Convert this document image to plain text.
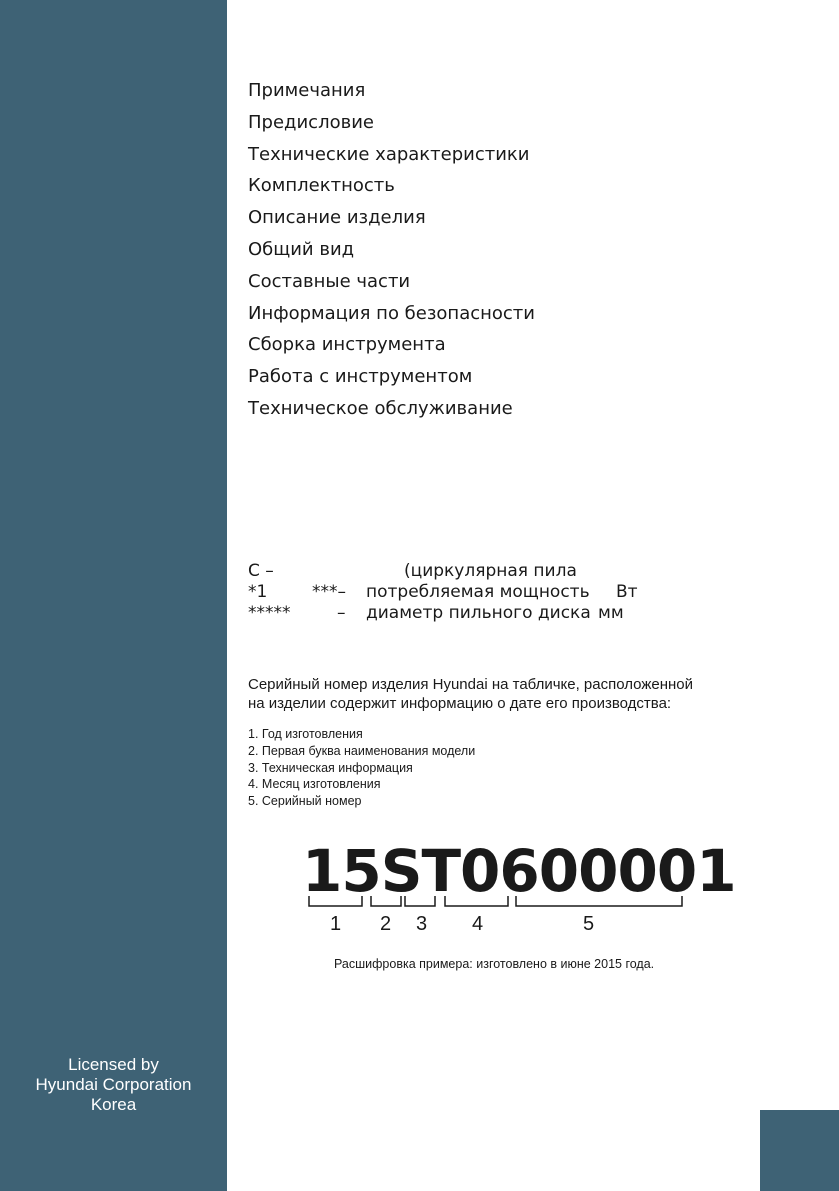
Licensed by
Hyundai Corporation
Korea
Примечания
Предисловие
Технические характеристики
Комплектность
Описание изделия
Общий вид
Составные части
Информация по безопасности
Сборка инструмента
Работа с инструментом
Техническое обслуживание
C –	(циркулярная пила
*1	***– потребляемая мощность Вт
*****	– диаметр пильного диска мм
Серийный номер изделия Hyundai на табличке, расположенной
на изделии содержит информацию о дате его производства:
1. Год изготовления
2. Первая буква наименования модели
3. Техническая информация
4. Месяц изготовления
5. Серийный номер
15ST0600001
1 2 3 4	5
Расшифровка примера: изготовлено в июне 2015 года.
